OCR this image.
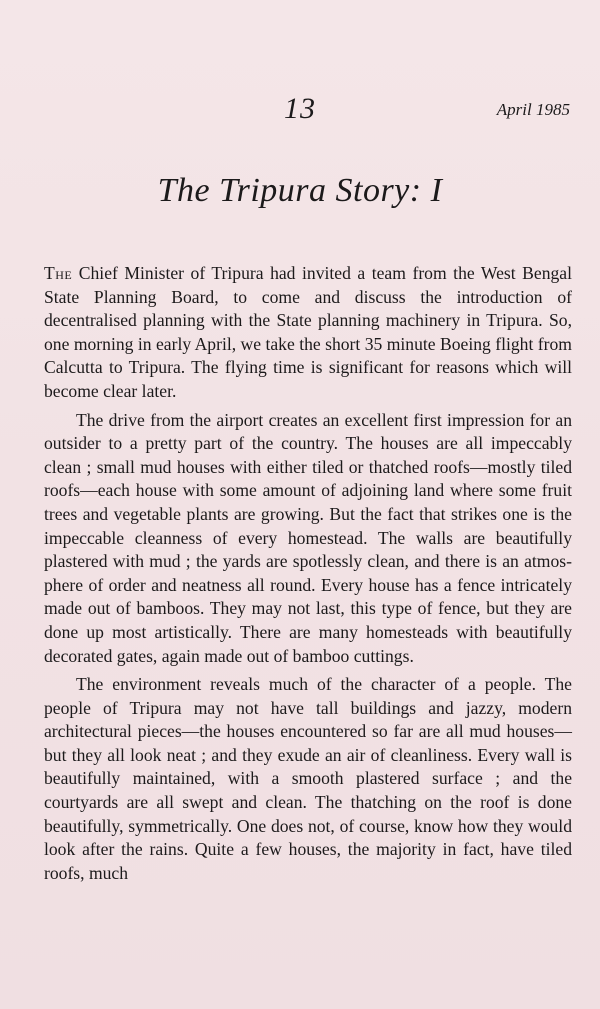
13	April 1985
The Tripura Story: I

The Chief Minister of Tripura had invited a team from the West Bengal State Planning Board, to come and discuss the introduction of decentralised planning with the State planning machinery in Tripura. So, one morning in early April, we take the short 35 minute Boeing flight from Calcutta to Tripura. The flying time is significant for reasons which will become clear later.

The drive from the airport creates an excellent first impression for an outsider to a pretty part of the country. The houses are all impeccably clean ; small mud houses with either tiled or thatched roofs—mostly tiled roofs—each house with some amount of adjoining land where some fruit trees and vegetable plants are growing. But the fact that strikes one is the impeccable cleanness of every homestead. The walls are beautifully plastered with mud ; the yards are spotlessly clean, and there is an atmosphere of order and neatness all round. Every house has a fence intricately made out of bamboos. They may not last, this type of fence, but they are done up most artistically. There are many homesteads with beautifully decorated gates, again made out of bamboo cuttings.

The environment reveals much of the character of a people. The people of Tripura may not have tall buildings and jazzy, modern architectural pieces—the houses encountered so far are all mud houses—but they all look neat ; and they exude an air of cleanliness. Every wall is beautifully maintained, with a smooth plastered surface ; and the courtyards are all swept and clean. The thatching on the roof is done beautifully, symmetrically. One does not, of course, know how they would look after the rains. Quite a few houses, the majority in fact, have tiled roofs, much
